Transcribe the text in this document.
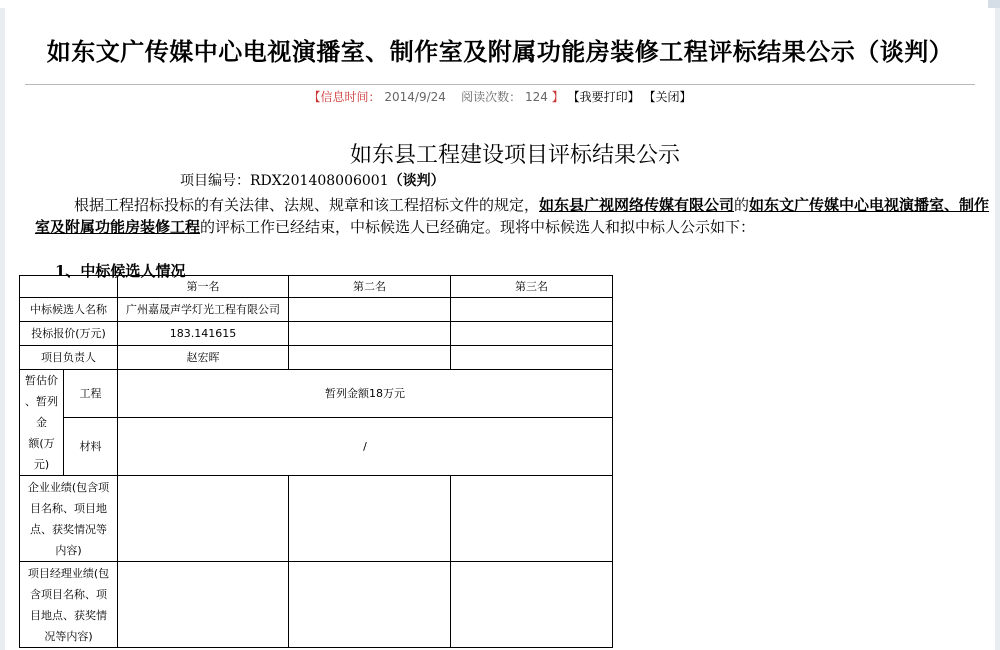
如东文广传媒中心电视演播室、制作室及附属功能房装修工程评标结果公示（谈判）
【信息时间： 2014/9/24 阅读次数： 124 】 【我要打印】 【关闭】
如东县工程建设项目评标结果公示
项目编号：RDX201408006001（谈判）
根据工程招标投标的有关法律、法规、规章和该工程招标文件的规定，如东县广视网络传媒有限公司的如东文广传媒中心电视演播室、制作室及附属功能房装修工程的评标工作已经结束，中标候选人已经确定。现将中标候选人和拟中标人公示如下：
1、中标候选人情况
		第一名	第二名	第三名
中标候选人名称		广州嘉晟声学灯光工程有限公司		
投标报价(万元)		183.141615		
项目负责人		赵宏晖		

暂估价
、暂列金
额(万元)	工程	暂列金额18万元		
	材料	/		

企业业绩(包含项
目名称、项目地
点、获奖情况等
内容)				

项目经理业绩(包
含项目名称、项
目地点、获奖情
况等内容)				
